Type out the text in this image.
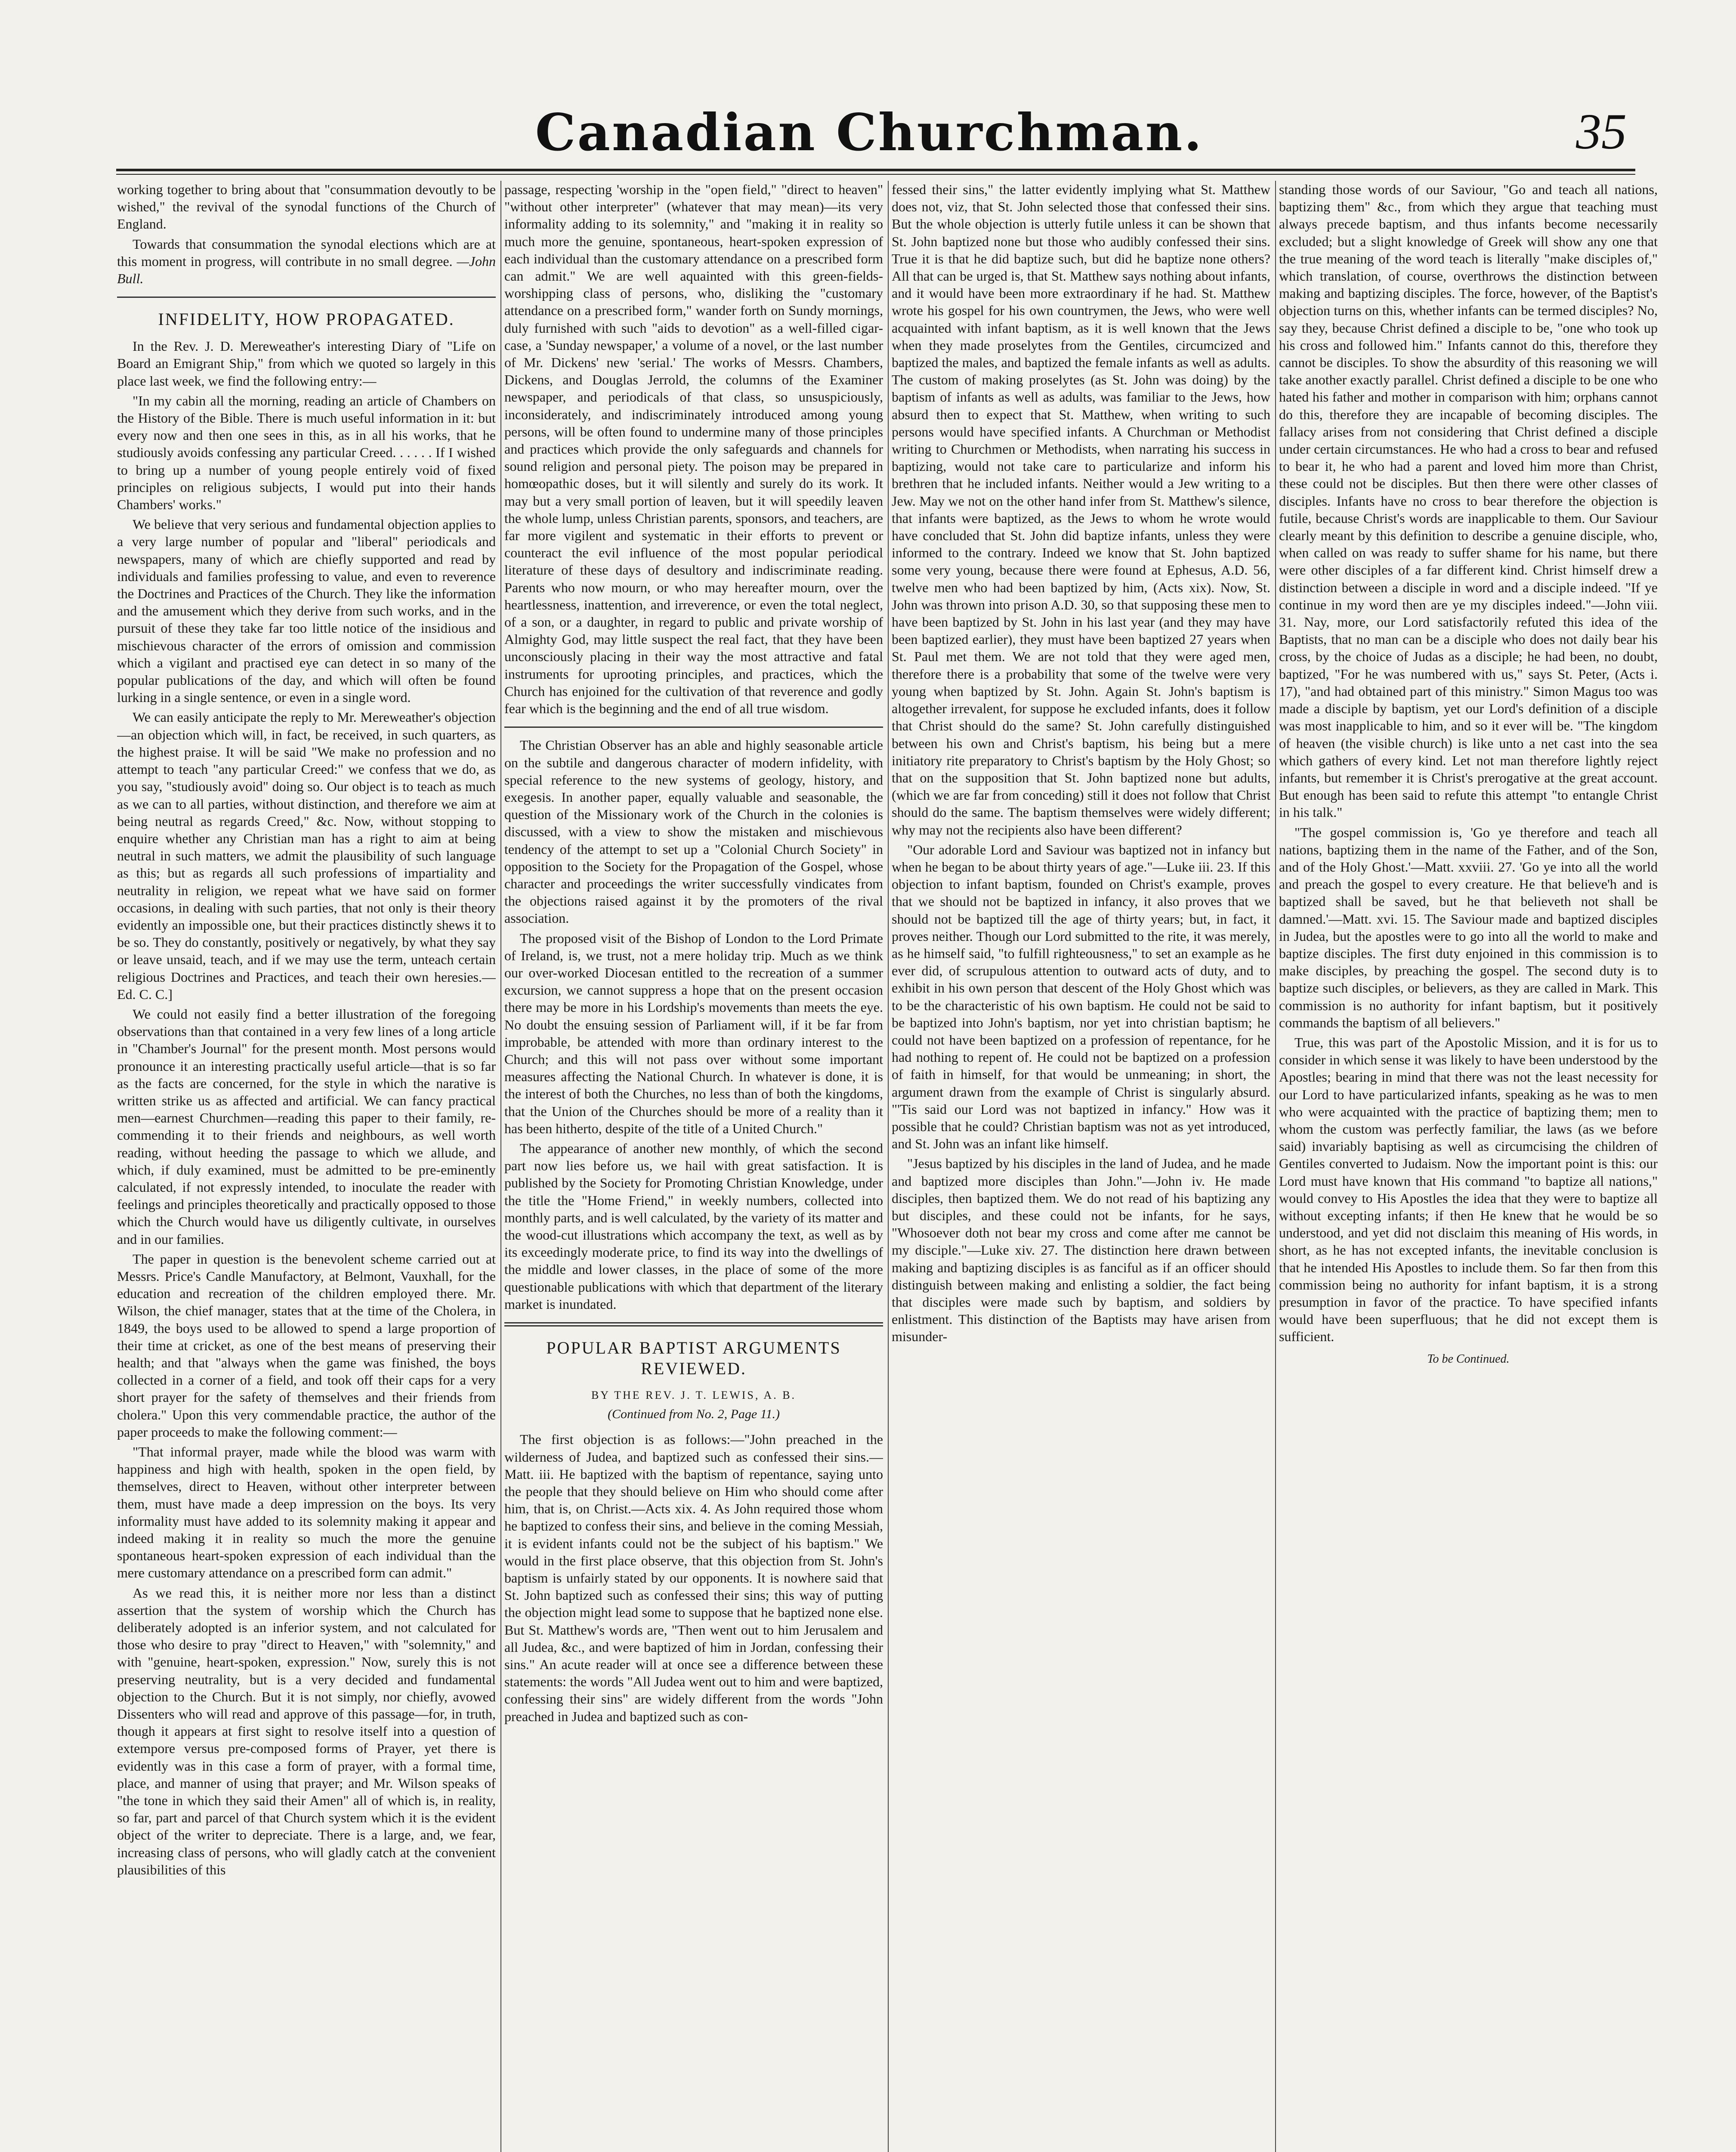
Canadian Churchman.	35

working together to bring about that "consummation devoutly to be wished," the revival of the synodal functions of the Church of England.

Towards that consummation the synodal elections which are at this moment in progress, will contribute in no small degree. —John Bull.

INFIDELITY, HOW PROPAGATED.

In the Rev. J. D. Mereweather's interesting Diary of "Life on Board an Emigrant Ship," from which we quoted so largely in this place last week, we find the following entry:—

"In my cabin all the morning, reading an article of Chambers on the History of the Bible. There is much useful information in it: but every now and then one sees in this, as in all his works, that he studiously avoids confessing any particular Creed. . . . . . If I wished to bring up a number of young people entirely void of fixed principles on religious subjects, I would put into their hands Chambers' works."

We believe that very serious and fundamental objection applies to a very large number of popular and "liberal" periodicals and newspapers, many of which are chiefly supported and read by individuals and families professing to value, and even to reverence the Doctrines and Practices of the Church. They like the information and the amusement which they derive from such works, and in the pursuit of these they take far too little notice of the insidious and mischievous character of the errors of omission and commission which a vigilant and practised eye can detect in so many of the popular publications of the day, and which will often be found lurking in a single sentence, or even in a single word.

We can easily anticipate the reply to Mr. Mereweather's objection—an objection which will, in fact, be received, in such quarters, as the highest praise. It will be said "We make no profession and no attempt to teach "any particular Creed:" we confess that we do, as you say, "studiously avoid" doing so. Our object is to teach as much as we can to all parties, without distinction, and therefore we aim at being neutral as regards Creed," &c. Now, without stopping to enquire whether any Christian man has a right to aim at being neutral in such matters, we admit the plausibility of such language as this; but as regards all such professions of impartiality and neutrality in religion, we repeat what we have said on former occasions, in dealing with such parties, that not only is their theory evidently an impossible one, but their practices distinctly shews it to be so. They do constantly, positively or negatively, by what they say or leave unsaid, teach, and if we may use the term, unteach certain religious Doctrines and Practices, and teach their own heresies.—Ed. C. C.]

We could not easily find a better illustration of the foregoing observations than that contained in a very few lines of a long article in "Chamber's Journal" for the present month. Most persons would pronounce it an interesting practically useful article—that is so far as the facts are concerned, for the style in which the narative is written strike us as affected and artificial. We can fancy practical men—earnest Churchmen—reading this paper to their family, re-commending it to their friends and neighbours, as well worth reading, without heeding the passage to which we allude, and which, if duly examined, must be admitted to be pre-eminently calculated, if not expressly intended, to inoculate the reader with feelings and principles theoretically and practically opposed to those which the Church would have us diligently cultivate, in ourselves and in our families.

The paper in question is the benevolent scheme carried out at Messrs. Price's Candle Manufactory, at Belmont, Vauxhall, for the education and recreation of the children employed there. Mr. Wilson, the chief manager, states that at the time of the Cholera, in 1849, the boys used to be allowed to spend a large proportion of their time at cricket, as one of the best means of preserving their health; and that "always when the game was finished, the boys collected in a corner of a field, and took off their caps for a very short prayer for the safety of themselves and their friends from cholera." Upon this very commendable practice, the author of the paper proceeds to make the following comment:—

"That informal prayer, made while the blood was warm with happiness and high with health, spoken in the open field, by themselves, direct to Heaven, without other interpreter between them, must have made a deep impression on the boys. Its very informality must have added to its solemnity making it appear and indeed making it in reality so much the more the genuine spontaneous heart-spoken expression of each individual than the mere customary attendance on a prescribed form can admit."

As we read this, it is neither more nor less than a distinct assertion that the system of worship which the Church has deliberately adopted is an inferior system, and not calculated for those who desire to pray "direct to Heaven," with "solemnity," and with "genuine, heart-spoken, expression." Now, surely this is not preserving neutrality, but is a very decided and fundamental objection to the Church. But it is not simply, nor chiefly, avowed Dissenters who will read and approve of this passage—for, in truth, though it appears at first sight to resolve itself into a question of extempore versus pre-composed forms of Prayer, yet there is evidently was in this case a form of prayer, with a formal time, place, and manner of using that prayer; and Mr. Wilson speaks of "the tone in which they said their Amen" all of which is, in reality, so far, part and parcel of that Church system which it is the evident object of the writer to depreciate. There is a large, and, we fear, increasing class of persons, who will gladly catch at the convenient plausibilities of this

passage, respecting 'worship in the "open field," "direct to heaven" "without other interpreter" (whatever that may mean)—its very informality adding to its solemnity," and "making it in reality so much more the genuine, spontaneous, heart-spoken expression of each individual than the customary attendance on a prescribed form can admit." We are well aquainted with this green-fields-worshipping class of persons, who, disliking the "customary attendance on a prescribed form," wander forth on Sundy mornings, duly furnished with such "aids to devotion" as a well-filled cigar-case, a 'Sunday newspaper,' a volume of a novel, or the last number of Mr. Dickens' new 'serial.' The works of Messrs. Chambers, Dickens, and Douglas Jerrold, the columns of the Examiner newspaper, and periodicals of that class, so unsuspiciously, inconsiderately, and indiscriminately introduced among young persons, will be often found to undermine many of those principles and practices which provide the only safeguards and channels for sound religion and personal piety. The poison may be prepared in homœopathic doses, but it will silently and surely do its work. It may but a very small portion of leaven, but it will speedily leaven the whole lump, unless Christian parents, sponsors, and teachers, are far more vigilent and systematic in their efforts to prevent or counteract the evil influence of the most popular periodical literature of these days of desultory and indiscriminate reading. Parents who now mourn, or who may hereafter mourn, over the heartlessness, inattention, and irreverence, or even the total neglect, of a son, or a daughter, in regard to public and private worship of Almighty God, may little suspect the real fact, that they have been unconsciously placing in their way the most attractive and fatal instruments for uprooting principles, and practices, which the Church has enjoined for the cultivation of that reverence and godly fear which is the beginning and the end of all true wisdom.

The Christian Observer has an able and highly seasonable article on the subtile and dangerous character of modern infidelity, with special reference to the new systems of geology, history, and exegesis. In another paper, equally valuable and seasonable, the question of the Missionary work of the Church in the colonies is discussed, with a view to show the mistaken and mischievous tendency of the attempt to set up a "Colonial Church Society" in opposition to the Society for the Propagation of the Gospel, whose character and proceedings the writer successfully vindicates from the objections raised against it by the promoters of the rival association.

The proposed visit of the Bishop of London to the Lord Primate of Ireland, is, we trust, not a mere holiday trip. Much as we think our over-worked Diocesan entitled to the recreation of a summer excursion, we cannot suppress a hope that on the present occasion there may be more in his Lordship's movements than meets the eye. No doubt the ensuing session of Parliament will, if it be far from improbable, be attended with more than ordinary interest to the Church; and this will not pass over without some important measures affecting the National Church. In whatever is done, it is the interest of both the Churches, no less than of both the kingdoms, that the Union of the Churches should be more of a reality than it has been hitherto, despite of the title of a United Church."

The appearance of another new monthly, of which the second part now lies before us, we hail with great satisfaction. It is published by the Society for Promoting Christian Knowledge, under the title the "Home Friend," in weekly numbers, collected into monthly parts, and is well calculated, by the variety of its matter and the wood-cut illustrations which accompany the text, as well as by its exceedingly moderate price, to find its way into the dwellings of the middle and lower classes, in the place of some of the more questionable publications with which that department of the literary market is inundated.

POPULAR BAPTIST ARGUMENTS REVIEWED.
BY THE REV. J. T. LEWIS, A. B.
(Continued from No. 2, Page 11.)

The first objection is as follows:—"John preached in the wilderness of Judea, and baptized such as confessed their sins.—Matt. iii. He baptized with the baptism of repentance, saying unto the people that they should believe on Him who should come after him, that is, on Christ.—Acts xix. 4. As John required those whom he baptized to confess their sins, and believe in the coming Messiah, it is evident infants could not be the subject of his baptism." We would in the first place observe, that this objection from St. John's baptism is unfairly stated by our opponents. It is nowhere said that St. John baptized such as confessed their sins; this way of putting the objection might lead some to suppose that he baptized none else. But St. Matthew's words are, "Then went out to him Jerusalem and all Judea, &c., and were baptized of him in Jordan, confessing their sins." An acute reader will at once see a difference between these statements: the words "All Judea went out to him and were baptized, confessing their sins" are widely different from the words "John preached in Judea and baptized such as con-

fessed their sins," the latter evidently implying what St. Matthew does not, viz, that St. John selected those that confessed their sins. But the whole objection is utterly futile unless it can be shown that St. John baptized none but those who audibly confessed their sins. True it is that he did baptize such, but did he baptize none others? All that can be urged is, that St. Matthew says nothing about infants, and it would have been more extraordinary if he had. St. Matthew wrote his gospel for his own countrymen, the Jews, who were well acquainted with infant baptism, as it is well known that the Jews when they made proselytes from the Gentiles, circumcized and baptized the males, and baptized the female infants as well as adults. The custom of making proselytes (as St. John was doing) by the baptism of infants as well as adults, was familiar to the Jews, how absurd then to expect that St. Matthew, when writing to such persons would have specified infants. A Churchman or Methodist writing to Churchmen or Methodists, when narrating his success in baptizing, would not take care to particularize and inform his brethren that he included infants. Neither would a Jew writing to a Jew. May we not on the other hand infer from St. Matthew's silence, that infants were baptized, as the Jews to whom he wrote would have concluded that St. John did baptize infants, unless they were informed to the contrary. Indeed we know that St. John baptized some very young, because there were found at Ephesus, A.D. 56, twelve men who had been baptized by him, (Acts xix). Now, St. John was thrown into prison A.D. 30, so that supposing these men to have been baptized by St. John in his last year (and they may have been baptized earlier), they must have been baptized 27 years when St. Paul met them. We are not told that they were aged men, therefore there is a probability that some of the twelve were very young when baptized by St. John. Again St. John's baptism is altogether irrevalent, for suppose he excluded infants, does it follow that Christ should do the same? St. John carefully distinguished between his own and Christ's baptism, his being but a mere initiatory rite preparatory to Christ's baptism by the Holy Ghost; so that on the supposition that St. John baptized none but adults, (which we are far from conceding) still it does not follow that Christ should do the same. The baptism themselves were widely different; why may not the recipients also have been different?

"Our adorable Lord and Saviour was baptized not in infancy but when he began to be about thirty years of age."—Luke iii. 23. If this objection to infant baptism, founded on Christ's example, proves that we should not be baptized in infancy, it also proves that we should not be baptized till the age of thirty years; but, in fact, it proves neither. Though our Lord submitted to the rite, it was merely, as he himself said, "to fulfill righteousness," to set an example as he ever did, of scrupulous attention to outward acts of duty, and to exhibit in his own person that descent of the Holy Ghost which was to be the characteristic of his own baptism. He could not be said to be baptized into John's baptism, nor yet into christian baptism; he could not have been baptized on a profession of repentance, for he had nothing to repent of. He could not be baptized on a profession of faith in himself, for that would be unmeaning; in short, the argument drawn from the example of Christ is singularly absurd. "'Tis said our Lord was not baptized in infancy." How was it possible that he could? Christian baptism was not as yet introduced, and St. John was an infant like himself.

"Jesus baptized by his disciples in the land of Judea, and he made and baptized more disciples than John."—John iv. He made disciples, then baptized them. We do not read of his baptizing any but disciples, and these could not be infants, for he says, "Whosoever doth not bear my cross and come after me cannot be my disciple."—Luke xiv. 27. The distinction here drawn between making and baptizing disciples is as fanciful as if an officer should distinguish between making and enlisting a soldier, the fact being that disciples were made such by baptism, and soldiers by enlistment. This distinction of the Baptists may have arisen from misunder-

standing those words of our Saviour, "Go and teach all nations, baptizing them" &c., from which they argue that teaching must always precede baptism, and thus infants become necessarily excluded; but a slight knowledge of Greek will show any one that the true meaning of the word teach is literally "make disciples of," which translation, of course, overthrows the distinction between making and baptizing disciples. The force, however, of the Baptist's objection turns on this, whether infants can be termed disciples? No, say they, because Christ defined a disciple to be, "one who took up his cross and followed him." Infants cannot do this, therefore they cannot be disciples. To show the absurdity of this reasoning we will take another exactly parallel. Christ defined a disciple to be one who hated his father and mother in comparison with him; orphans cannot do this, therefore they are incapable of becoming disciples. The fallacy arises from not considering that Christ defined a disciple under certain circumstances. He who had a cross to bear and refused to bear it, he who had a parent and loved him more than Christ, these could not be disciples. But then there were other classes of disciples. Infants have no cross to bear therefore the objection is futile, because Christ's words are inapplicable to them. Our Saviour clearly meant by this definition to describe a genuine disciple, who, when called on was ready to suffer shame for his name, but there were other disciples of a far different kind. Christ himself drew a distinction between a disciple in word and a disciple indeed. "If ye continue in my word then are ye my disciples indeed."—John viii. 31. Nay, more, our Lord satisfactorily refuted this idea of the Baptists, that no man can be a disciple who does not daily bear his cross, by the choice of Judas as a disciple; he had been, no doubt, baptized, "For he was numbered with us," says St. Peter, (Acts i. 17), "and had obtained part of this ministry." Simon Magus too was made a disciple by baptism, yet our Lord's definition of a disciple was most inapplicable to him, and so it ever will be. "The kingdom of heaven (the visible church) is like unto a net cast into the sea which gathers of every kind. Let not man therefore lightly reject infants, but remember it is Christ's prerogative at the great account. But enough has been said to refute this attempt "to entangle Christ in his talk."

"The gospel commission is, 'Go ye therefore and teach all nations, baptizing them in the name of the Father, and of the Son, and of the Holy Ghost.'—Matt. xxviii. 27. 'Go ye into all the world and preach the gospel to every creature. He that believe'h and is baptized shall be saved, but he that believeth not shall be damned.'—Matt. xvi. 15. The Saviour made and baptized disciples in Judea, but the apostles were to go into all the world to make and baptize disciples. The first duty enjoined in this commission is to make disciples, by preaching the gospel. The second duty is to baptize such disciples, or believers, as they are called in Mark. This commission is no authority for infant baptism, but it positively commands the baptism of all believers."

True, this was part of the Apostolic Mission, and it is for us to consider in which sense it was likely to have been understood by the Apostles; bearing in mind that there was not the least necessity for our Lord to have particularized infants, speaking as he was to men who were acquainted with the practice of baptizing them; men to whom the custom was perfectly familiar, the laws (as we before said) invariably baptising as well as circumcising the children of Gentiles converted to Judaism. Now the important point is this: our Lord must have known that His command "to baptize all nations," would convey to His Apostles the idea that they were to baptize all without excepting infants; if then He knew that he would be so understood, and yet did not disclaim this meaning of His words, in short, as he has not excepted infants, the inevitable conclusion is that he intended His Apostles to include them. So far then from this commission being no authority for infant baptism, it is a strong presumption in favor of the practice. To have specified infants would have been superfluous; that he did not except them is sufficient.

To be Continued.
